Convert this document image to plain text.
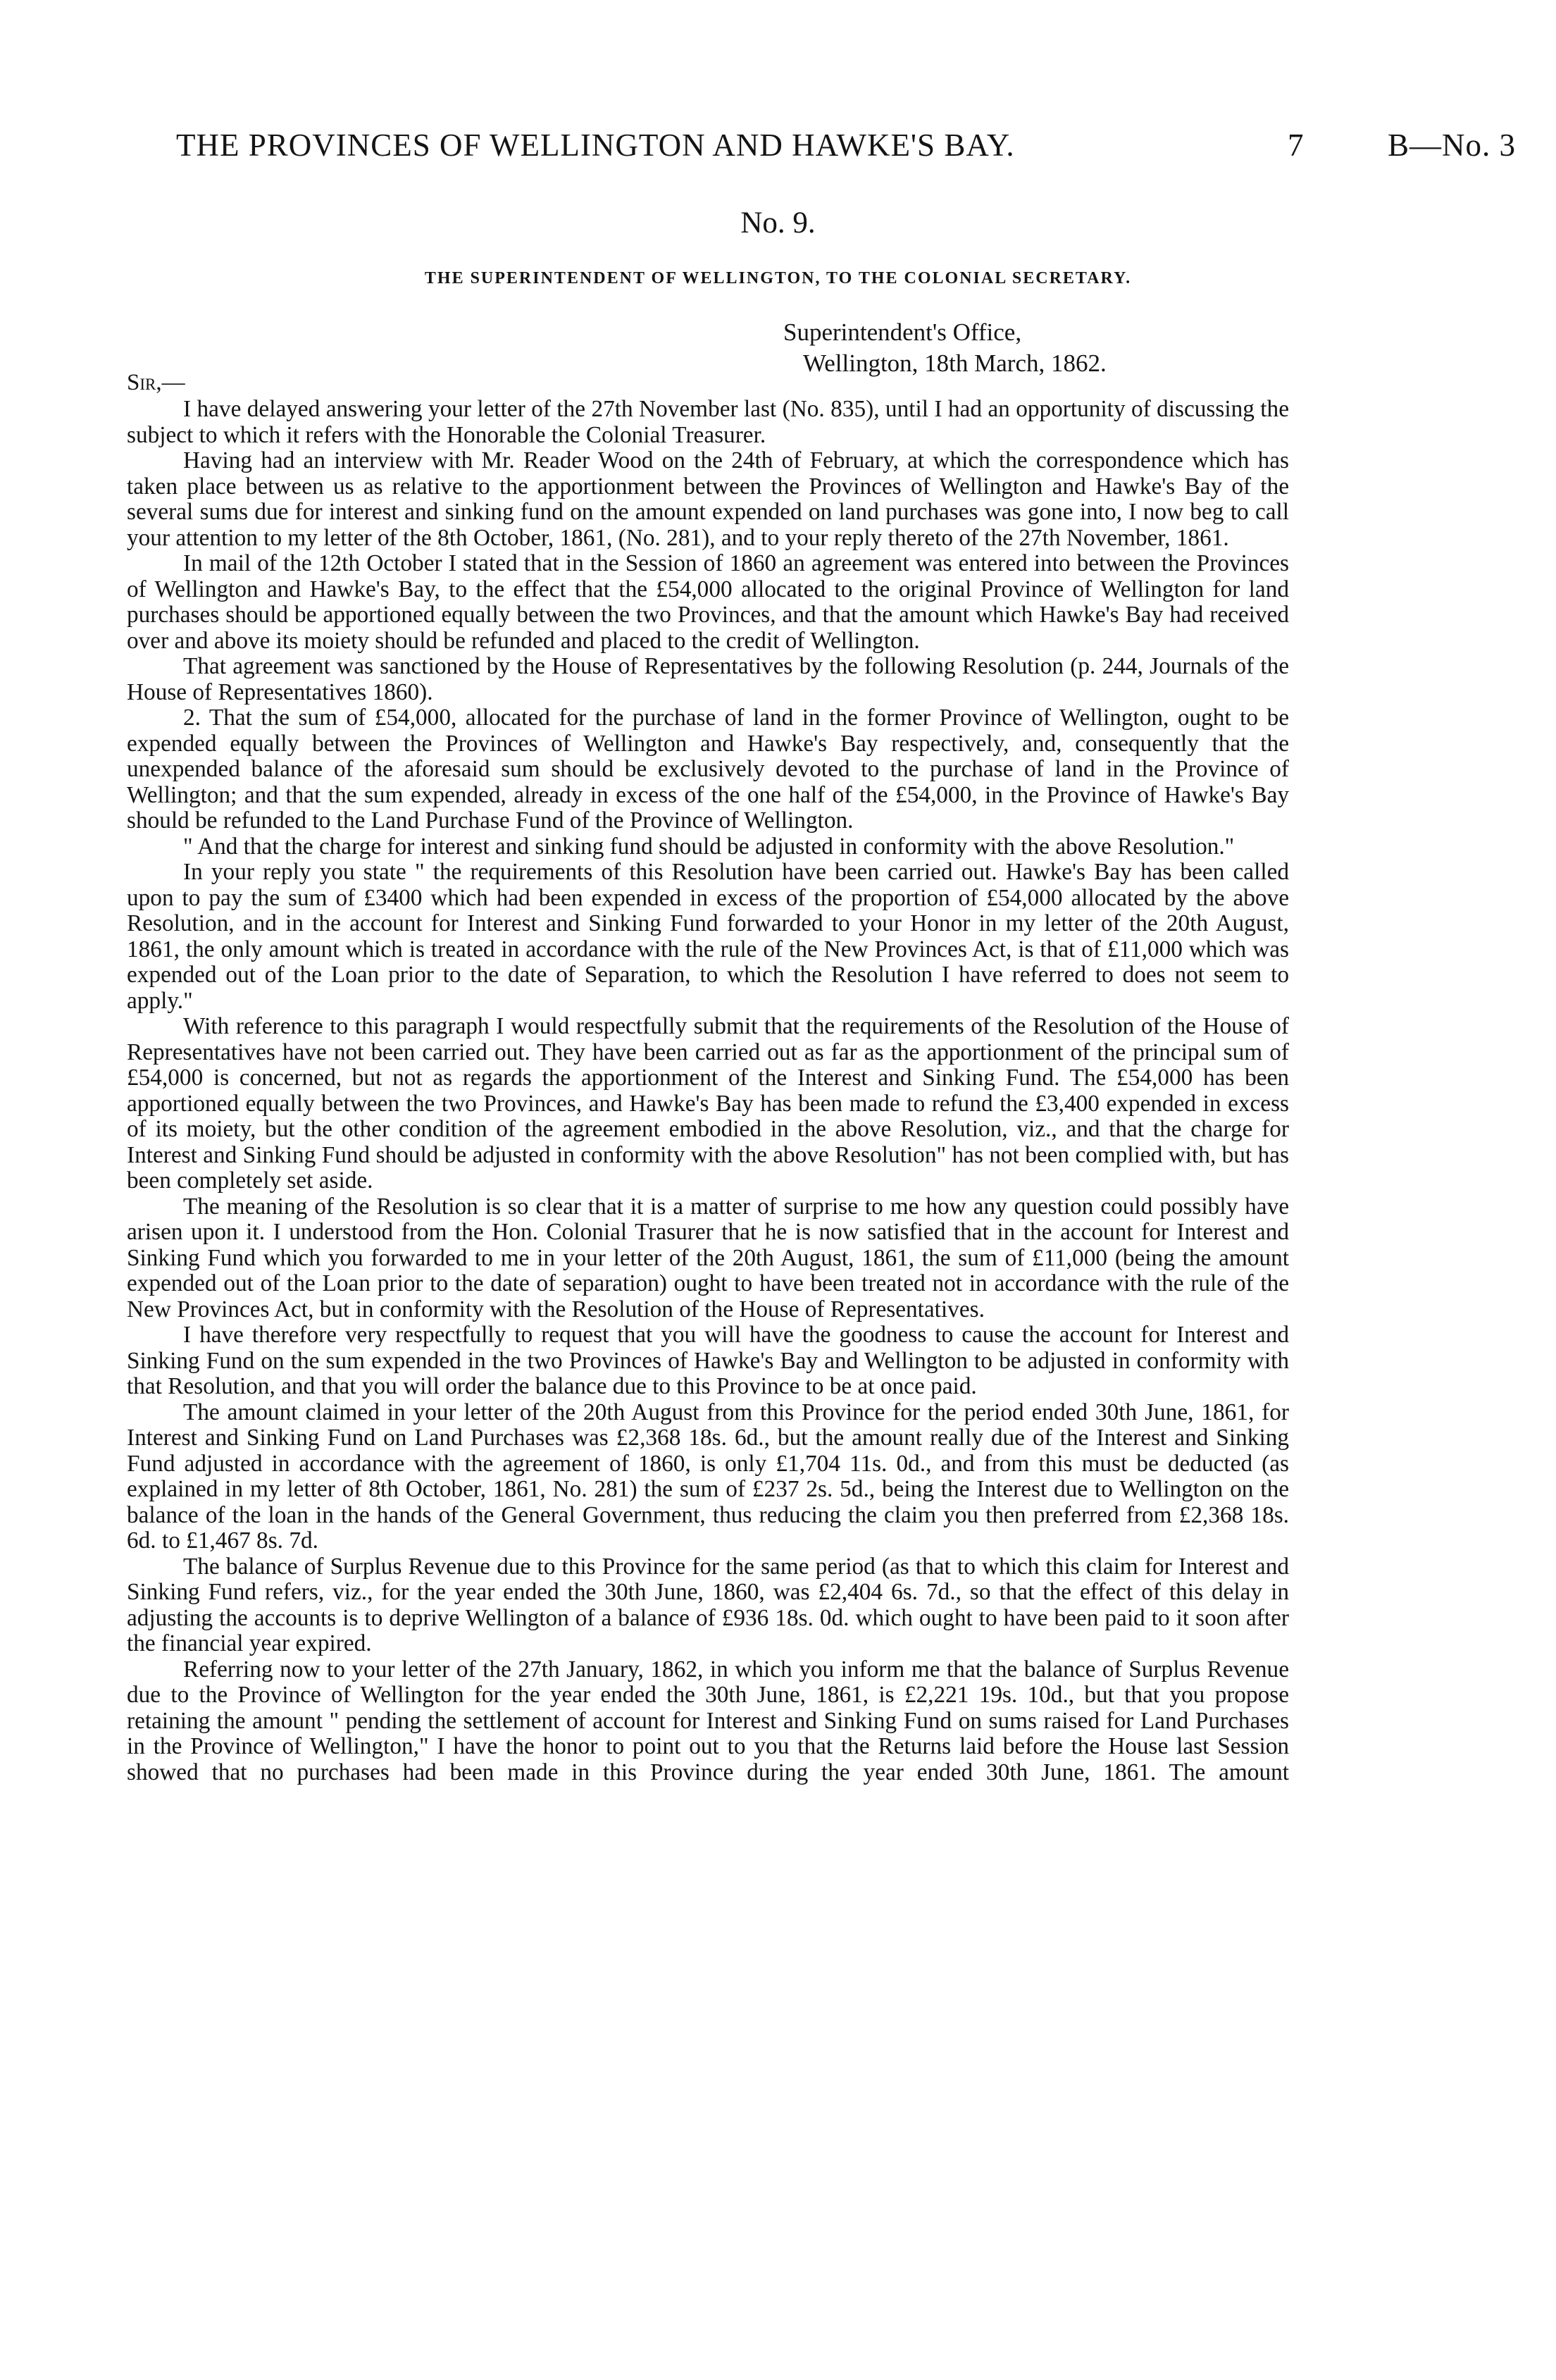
THE PROVINCES OF WELLINGTON AND HAWKE'S BAY.	7	B—No. 3
No. 9.
THE SUPERINTENDENT OF WELLINGTON, TO THE COLONIAL SECRETARY.
Superintendent's Office,
Wellington, 18th March, 1862.
Sir,—

I have delayed answering your letter of the 27th November last (No. 835), until I had an opportunity of discussing the subject to which it refers with the Honorable the Colonial Treasurer.

Having had an interview with Mr. Reader Wood on the 24th of February, at which the correspondence which has taken place between us as relative to the apportionment between the Provinces of Wellington and Hawke's Bay of the several sums due for interest and sinking fund on the amount expended on land purchases was gone into, I now beg to call your attention to my letter of the 8th October, 1861, (No. 281), and to your reply thereto of the 27th November, 1861.

In mail of the 12th October I stated that in the Session of 1860 an agreement was entered into between the Provinces of Wellington and Hawke's Bay, to the effect that the £54,000 allocated to the original Province of Wellington for land purchases should be apportioned equally between the two Provinces, and that the amount which Hawke's Bay had received over and above its moiety should be refunded and placed to the credit of Wellington.

That agreement was sanctioned by the House of Representatives by the following Resolution (p. 244, Journals of the House of Representatives 1860).

2. That the sum of £54,000, allocated for the purchase of land in the former Province of Wellington, ought to be expended equally between the Provinces of Wellington and Hawke's Bay respectively, and, consequently that the unexpended balance of the aforesaid sum should be exclusively devoted to the purchase of land in the Province of Wellington; and that the sum expended, already in excess of the one half of the £54,000, in the Province of Hawke's Bay should be refunded to the Land Purchase Fund of the Province of Wellington.

" And that the charge for interest and sinking fund should be adjusted in conformity with the above Resolution."

In your reply you state " the requirements of this Resolution have been carried out. Hawke's Bay has been called upon to pay the sum of £3400 which had been expended in excess of the proportion of £54,000 allocated by the above Resolution, and in the account for Interest and Sinking Fund forwarded to your Honor in my letter of the 20th August, 1861, the only amount which is treated in accordance with the rule of the New Provinces Act, is that of £11,000 which was expended out of the Loan prior to the date of Separation, to which the Resolution I have referred to does not seem to apply."

With reference to this paragraph I would respectfully submit that the requirements of the Resolution of the House of Representatives have not been carried out. They have been carried out as far as the apportionment of the principal sum of £54,000 is concerned, but not as regards the apportionment of the Interest and Sinking Fund. The £54,000 has been apportioned equally between the two Provinces, and Hawke's Bay has been made to refund the £3,400 expended in excess of its moiety, but the other condition of the agreement embodied in the above Resolution, viz., and that the charge for Interest and Sinking Fund should be adjusted in conformity with the above Resolution" has not been complied with, but has been completely set aside.

The meaning of the Resolution is so clear that it is a matter of surprise to me how any question could possibly have arisen upon it. I understood from the Hon. Colonial Trasurer that he is now satisfied that in the account for Interest and Sinking Fund which you forwarded to me in your letter of the 20th August, 1861, the sum of £11,000 (being the amount expended out of the Loan prior to the date of separation) ought to have been treated not in accordance with the rule of the New Provinces Act, but in conformity with the Resolution of the House of Representatives.

I have therefore very respectfully to request that you will have the goodness to cause the account for Interest and Sinking Fund on the sum expended in the two Provinces of Hawke's Bay and Wellington to be adjusted in conformity with that Resolution, and that you will order the balance due to this Province to be at once paid.

The amount claimed in your letter of the 20th August from this Province for the period ended 30th June, 1861, for Interest and Sinking Fund on Land Purchases was £2,368 18s. 6d., but the amount really due of the Interest and Sinking Fund adjusted in accordance with the agreement of 1860, is only £1,704 11s. 0d., and from this must be deducted (as explained in my letter of 8th October, 1861, No. 281) the sum of £237 2s. 5d., being the Interest due to Wellington on the balance of the loan in the hands of the General Government, thus reducing the claim you then preferred from £2,368 18s. 6d. to £1,467 8s. 7d.

The balance of Surplus Revenue due to this Province for the same period (as that to which this claim for Interest and Sinking Fund refers, viz., for the year ended the 30th June, 1860, was £2,404 6s. 7d., so that the effect of this delay in adjusting the accounts is to deprive Wellington of a balance of £936 18s. 0d. which ought to have been paid to it soon after the financial year expired.

Referring now to your letter of the 27th January, 1862, in which you inform me that the balance of Surplus Revenue due to the Province of Wellington for the year ended the 30th June, 1861, is £2,221 19s. 10d., but that you propose retaining the amount " pending the settlement of account for Interest and Sinking Fund on sums raised for Land Purchases in the Province of Wellington," I have the honor to point out to you that the Returns laid before the House last Session showed that no purchases had been made in this Province during the year ended 30th June, 1861. The amount
